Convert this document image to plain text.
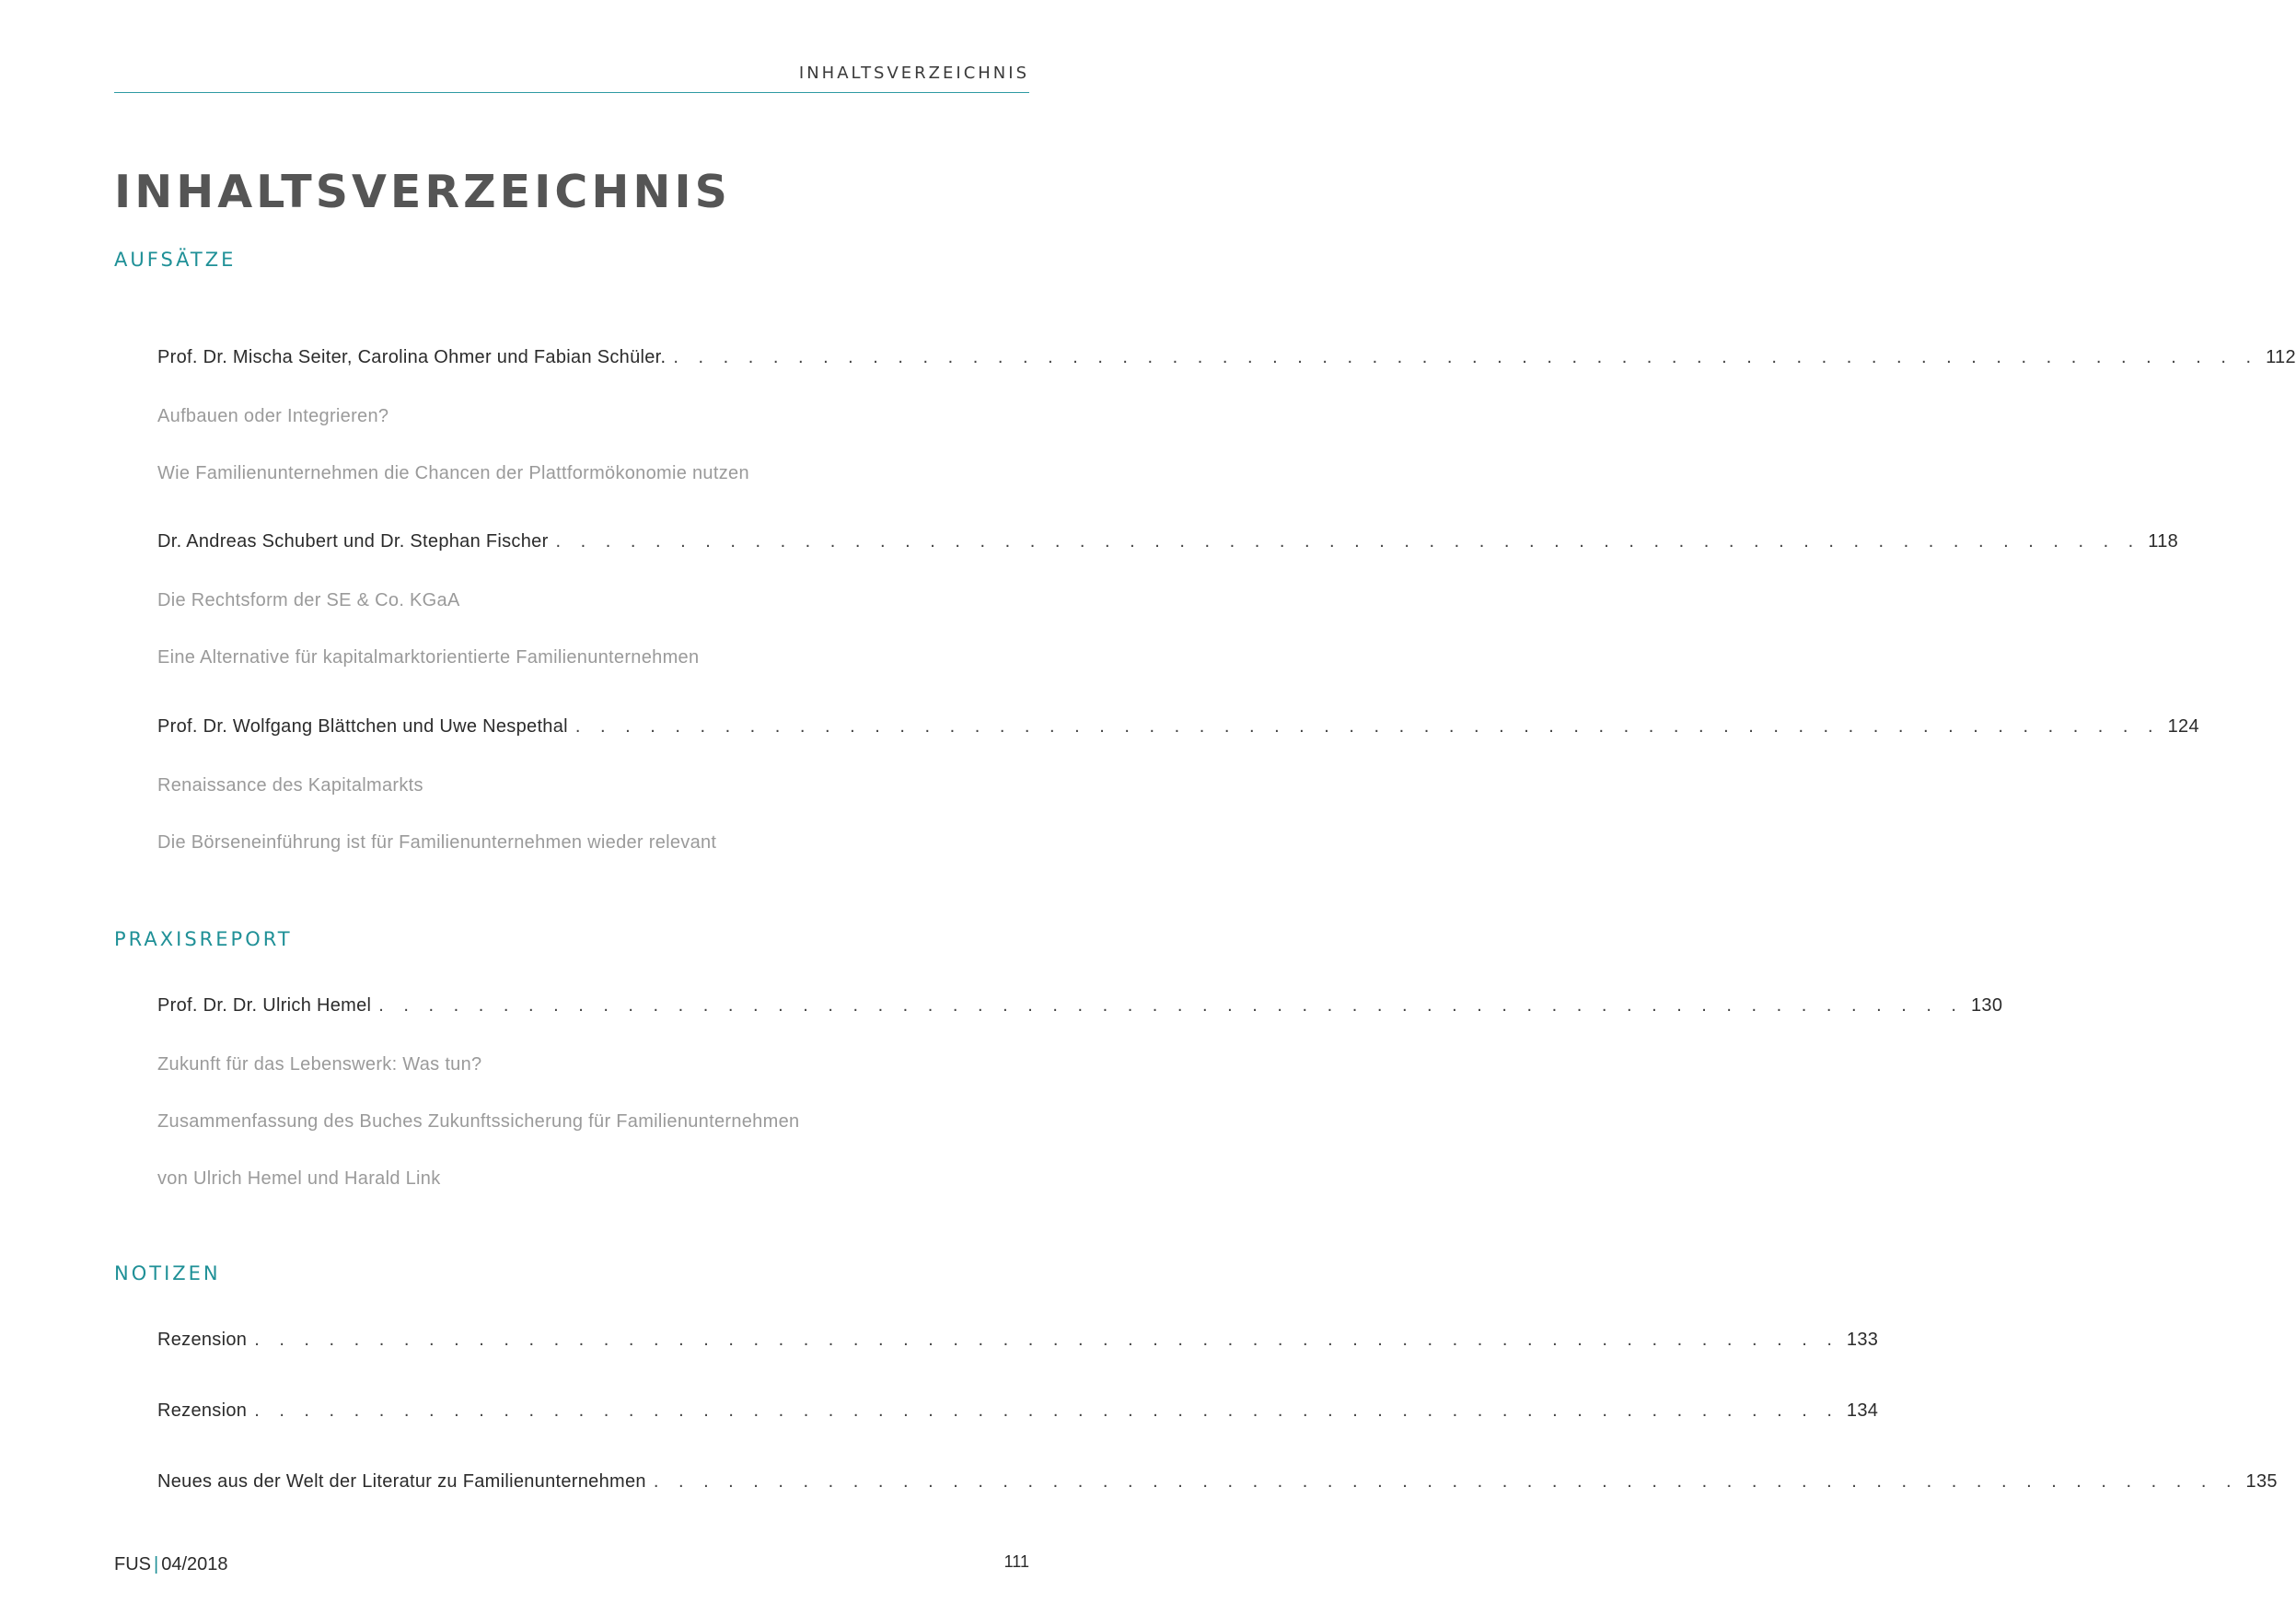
inhaltsverzeichnis
inhaltsverzeichnis
aufsätze
Prof. Dr. Mischa Seiter, Carolina Ohmer und Fabian Schüler. . . . . . . . . . . . . . . . . . . . . . . . . . . . . . . . . . . . . . . . . . . . . . . . . . . . . . . . . . . . . . . . . 112
Aufbauen oder Integrieren?
Wie Familienunternehmen die Chancen der Plattformökonomie nutzen
Dr. Andreas Schubert und Dr. Stephan Fischer . . . . . . . . . . . . . . . . . . . . . . . . . . . . . . . . . . . . . . . . . . . . . . . . . . . . . . . . . . . . . . . . 118
Die Rechtsform der SE & Co. KGaA
Eine Alternative für kapitalmarktorientierte Familienunternehmen
Prof. Dr. Wolfgang Blättchen und Uwe Nespethal . . . . . . . . . . . . . . . . . . . . . . . . . . . . . . . . . . . . . . . . . . . . . . . . . . . . . . . . . . . . . . . . 124
Renaissance des Kapitalmarkts
Die Börseneinführung ist für Familienunternehmen wieder relevant
praxisreport
Prof. Dr. Dr. Ulrich Hemel . . . . . . . . . . . . . . . . . . . . . . . . . . . . . . . . . . . . . . . . . . . . . . . . . . . . . . . . . . . . . . . . 130
Zukunft für das Lebenswerk: Was tun?
Zusammenfassung des Buches Zukunftssicherung für Familienunternehmen
von Ulrich Hemel und Harald Link
notizen
Rezension . . . . . . . . . . . . . . . . . . . . . . . . . . . . . . . . . . . . . . . . . . . . . . . . . . . . . . . . . . . . . . . . 133
Rezension . . . . . . . . . . . . . . . . . . . . . . . . . . . . . . . . . . . . . . . . . . . . . . . . . . . . . . . . . . . . . . . . 134
Neues aus der Welt der Literatur zu Familienunternehmen . . . . . . . . . . . . . . . . . . . . . . . . . . . . . . . . . . . . . . . . . . . . . . . . . . . . . . . . . . . . . . . . 135
FUS | 04/2018	111
